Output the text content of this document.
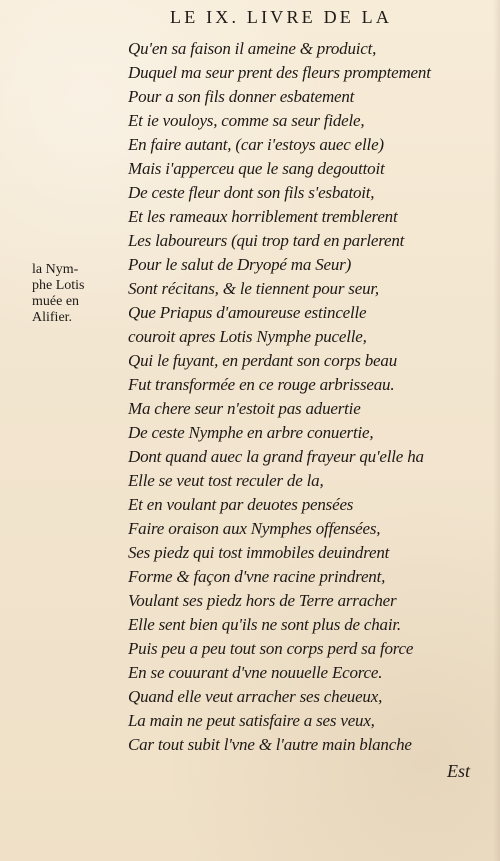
LE IX. LIVRE DE LA
la Nym-
phe Lotis
muée en
Alifier.
Qu'en sa faison il ameine & produict,
Duquel ma seur prent des fleurs promptement
Pour a son fils donner esbatement
Et ie vouloys, comme sa seur fidele,
En faire autant, (car i'estoys auec elle)
Mais i'apperceu que le sang degouttoit
De ceste fleur dont son fils s'esbatoit,
Et les rameaux horriblement tremblerent
Les laboureurs (qui trop tard en parlerent
Pour le salut de Dryopé ma Seur)
Sont récitans, & le tiennent pour seur,
Que Priapus d'amoureuse estincelle
couroit apres Lotis Nymphe pucelle,
Qui le fuyant, en perdant son corps beau
Fut transformée en ce rouge arbrisseau.
Ma chere seur n'estoit pas aduertie
De ceste Nymphe en arbre conuertie,
Dont quand auec la grand frayeur qu'elle ha
Elle se veut tost reculer de la,
Et en voulant par deuotes pensées
Faire oraison aux Nymphes offensées,
Ses piedz qui tost immobiles deuindrent
Forme & façon d'vne racine prindrent,
Voulant ses piedz hors de Terre arracher
Elle sent bien qu'ils ne sont plus de chair.
Puis peu a peu tout son corps perd sa force
En se couurant d'vne nouuelle Ecorce.
Quand elle veut arracher ses cheueux,
La main ne peut satisfaire a ses veux,
Car tout subit l'vne & l'autre main blanche
Est
